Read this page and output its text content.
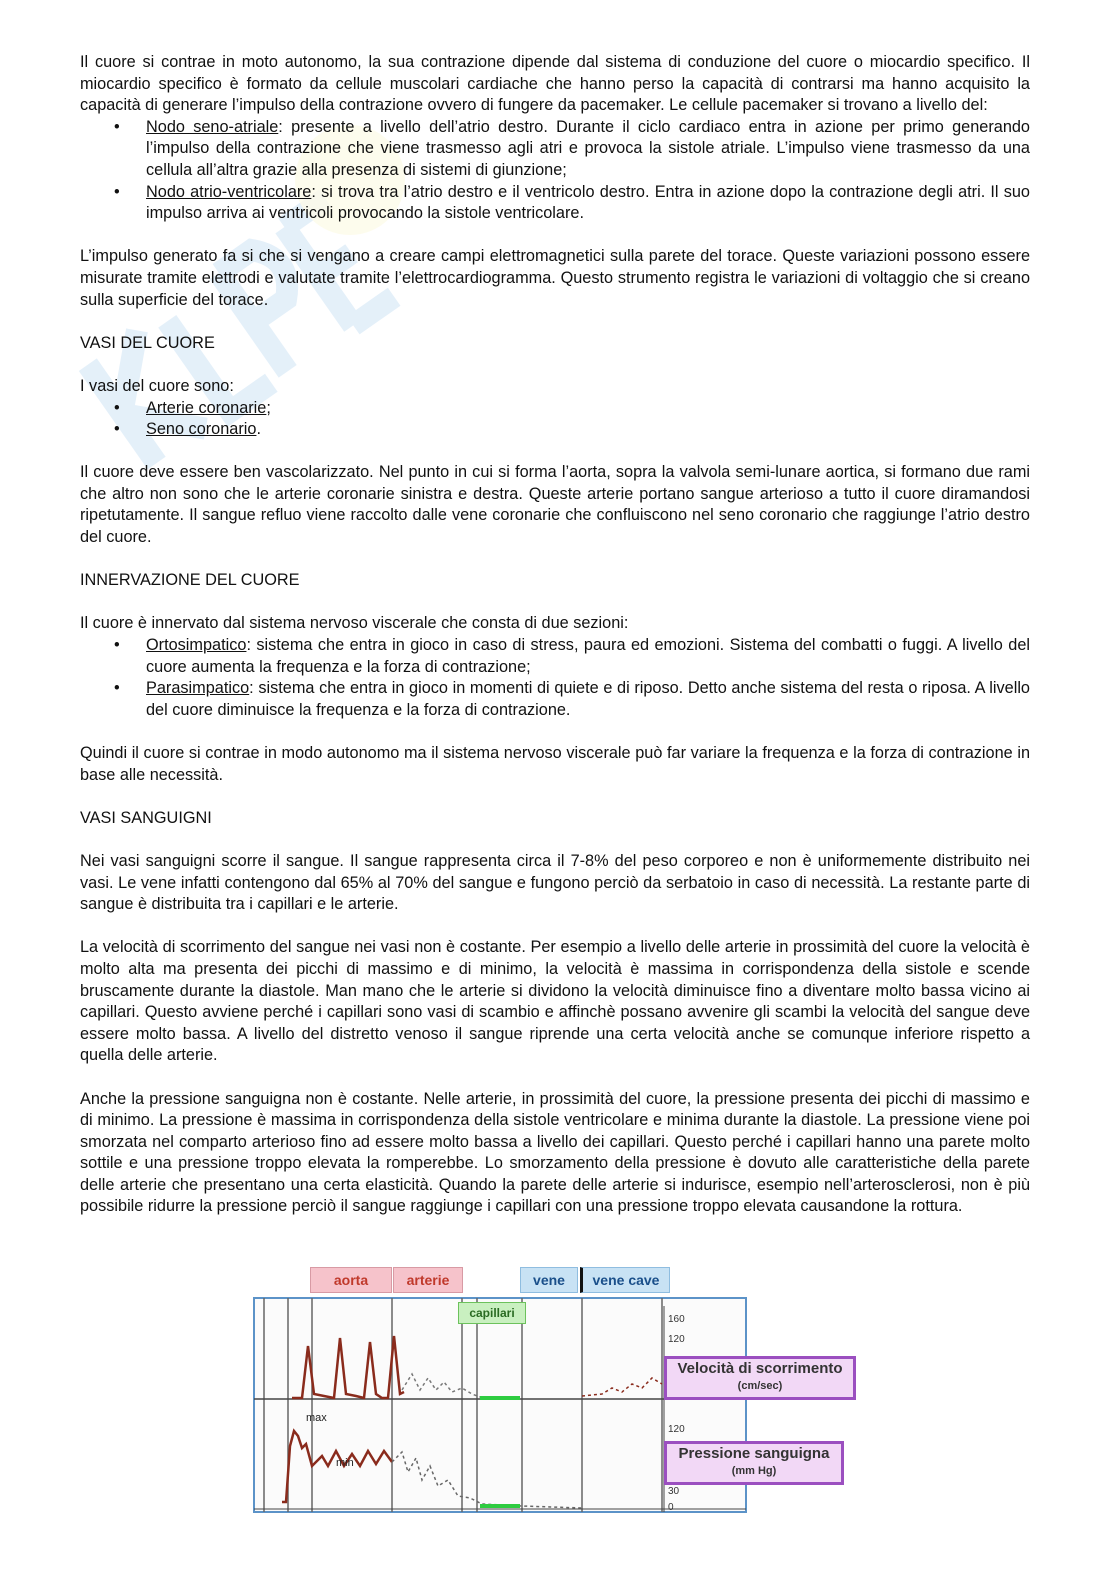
Il cuore si contrae in moto autonomo, la sua contrazione dipende dal sistema di conduzione del cuore o miocardio specifico. Il miocardio specifico è formato da cellule muscolari cardiache che hanno perso la capacità di contrarsi ma hanno acquisito la capacità di generare l’impulso della contrazione ovvero di fungere da pacemaker. Le cellule pacemaker si trovano a livello del:

• Nodo seno-atriale: presente a livello dell’atrio destro. Durante il ciclo cardiaco entra in azione per primo generando l’impulso della contrazione che viene trasmesso agli atri e provoca la sistole atriale. L’impulso viene trasmesso da una cellula all’altra grazie alla presenza di sistemi di giunzione;
• Nodo atrio-ventricolare: si trova tra l’atrio destro e il ventricolo destro. Entra in azione dopo la contrazione degli atri. Il suo impulso arriva ai ventricoli provocando la sistole ventricolare.

L’impulso generato fa si che si vengano a creare campi elettromagnetici sulla parete del torace. Queste variazioni possono essere misurate tramite elettrodi e valutate tramite l’elettrocardiogramma. Questo strumento registra le variazioni di voltaggio che si creano sulla superficie del torace.

VASI DEL CUORE

I vasi del cuore sono:

• Arterie coronarie;
• Seno coronario.

Il cuore deve essere ben vascolarizzato. Nel punto in cui si forma l’aorta, sopra la valvola semi-lunare aortica, si formano due rami che altro non sono che le arterie coronarie sinistra e destra. Queste arterie portano sangue arterioso a tutto il cuore diramandosi ripetutamente. Il sangue refluo viene raccolto dalle vene coronarie che confluiscono nel seno coronario che raggiunge l’atrio destro del cuore.

INNERVAZIONE DEL CUORE

Il cuore è innervato dal sistema nervoso viscerale che consta di due sezioni:

• Ortosimpatico: sistema che entra in gioco in caso di stress, paura ed emozioni. Sistema del combatti o fuggi. A livello del cuore aumenta la frequenza e la forza di contrazione;
• Parasimpatico: sistema che entra in gioco in momenti di quiete e di riposo. Detto anche sistema del resta o riposa. A livello del cuore diminuisce la frequenza e la forza di contrazione.

Quindi il cuore si contrae in modo autonomo ma il sistema nervoso viscerale può far variare la frequenza e la forza di contrazione in base alle necessità.

VASI SANGUIGNI

Nei vasi sanguigni scorre il sangue. Il sangue rappresenta circa il 7-8% del peso corporeo e non è uniformemente distribuito nei vasi. Le vene infatti contengono dal 65% al 70% del sangue e fungono perciò da serbatoio in caso di necessità. La restante parte di sangue è distribuita tra i capillari e le arterie.

La velocità di scorrimento del sangue nei vasi non è costante. Per esempio a livello delle arterie in prossimità del cuore la velocità è molto alta ma presenta dei picchi di massimo e di minimo, la velocità è massima in corrispondenza della sistole e scende bruscamente durante la diastole. Man mano che le arterie si dividono la velocità diminuisce fino a diventare molto bassa vicino ai capillari. Questo avviene perché i capillari sono vasi di scambio e affinchè possano avvenire gli scambi la velocità del sangue deve essere molto bassa. A livello del distretto venoso il sangue riprende una certa velocità anche se comunque inferiore rispetto a quella delle arterie.

Anche la pressione sanguigna non è costante. Nelle arterie, in prossimità del cuore, la pressione presenta dei picchi di massimo e di minimo. La pressione è massima in corrispondenza della sistole ventricolare e minima durante la diastole. La pressione viene poi smorzata nel comparto arterioso fino ad essere molto bassa a livello dei capillari. Questo perché i capillari hanno una parete molto sottile e una pressione troppo elevata la romperebbe. Lo smorzamento della pressione è dovuto alle caratteristiche della parete delle arterie che presentano una certa elasticità. Quando la parete delle arterie si indurisce, esempio nell’arterosclerosi, non è più possibile ridurre la pressione perciò il sangue raggiunge i capillari con una pressione troppo elevata causandone la rottura.

aorta	arterie	vene	vene cave
capillari
max
min
160
120
120
30
0
Velocità di scorrimento
(cm/sec)
Pressione sanguigna
(mm Hg)
